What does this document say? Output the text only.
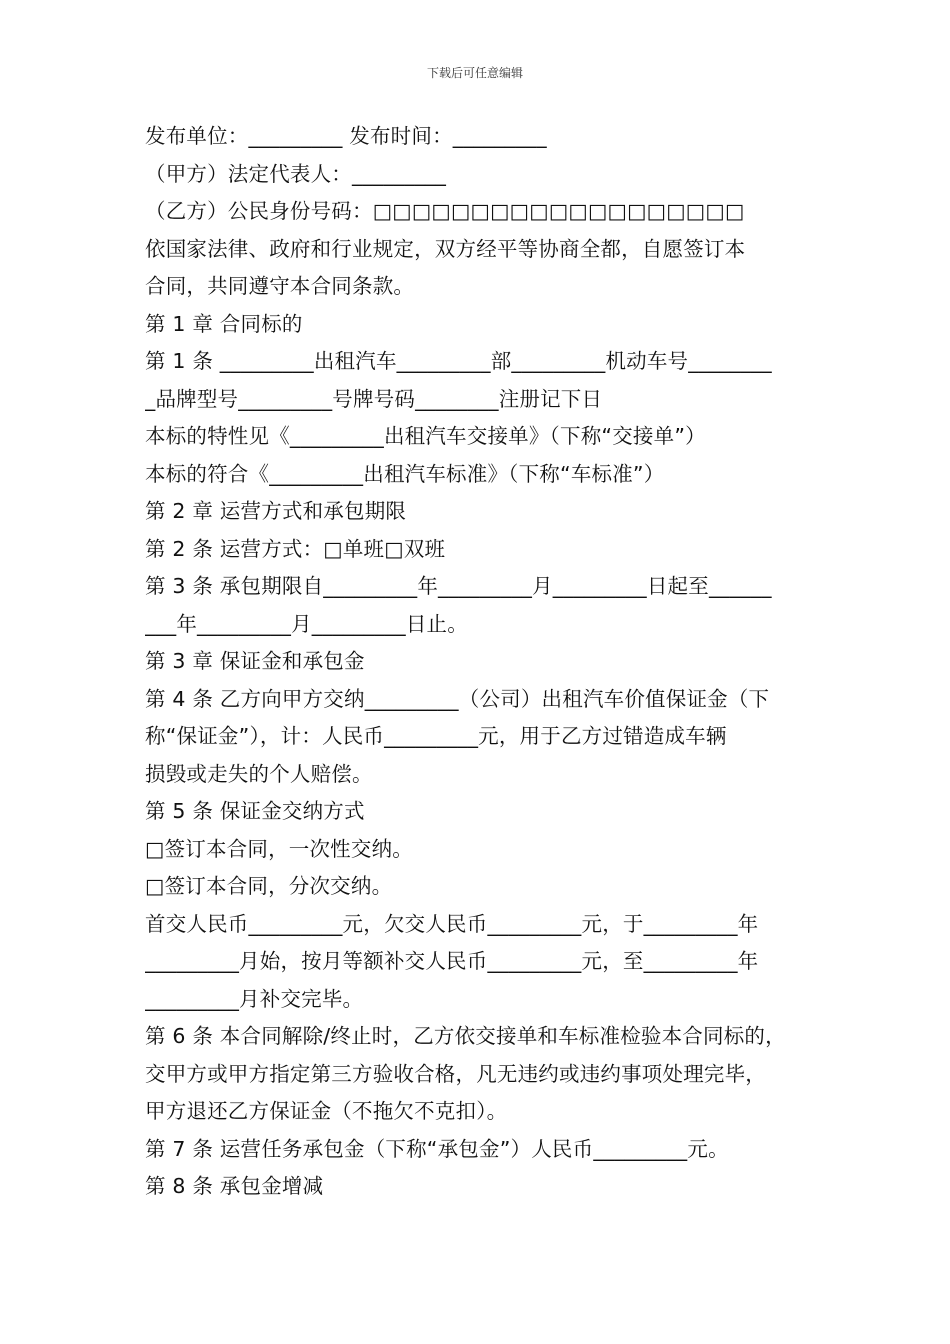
下载后可任意编辑
发布单位：_________ 发布时间：_________
（甲方）法定代表人：_________
（乙方）公民身份号码：□□□□□□□□□□□□□□□□□□□
依国家法律、政府和行业规定，双方经平等协商全都，自愿签订本
合同，共同遵守本合同条款。
第 1 章 合同标的
第 1 条 _________出租汽车_________部_________机动车号________
_品牌型号_________号牌号码________注册记下日
本标的特性见《_________出租汽车交接单》（下称“交接单”）
本标的符合《_________出租汽车标准》（下称“车标准”）
第 2 章 运营方式和承包期限
第 2 条 运营方式：□单班□双班
第 3 条 承包期限自_________年_________月_________日起至______
___年_________月_________日止。
第 3 章 保证金和承包金
第 4 条 乙方向甲方交纳_________（公司）出租汽车价值保证金（下
称“保证金”），计：人民币_________元，用于乙方过错造成车辆
损毁或走失的个人赔偿。
第 5 条 保证金交纳方式
□签订本合同，一次性交纳。
□签订本合同，分次交纳。
首交人民币_________元，欠交人民币_________元，于_________年
_________月始，按月等额补交人民币_________元，至_________年
_________月补交完毕。
第 6 条 本合同解除/终止时，乙方依交接单和车标准检验本合同标的，
交甲方或甲方指定第三方验收合格，凡无违约或违约事项处理完毕，
甲方退还乙方保证金（不拖欠不克扣）。
第 7 条 运营任务承包金（下称“承包金”）人民币_________元。
第 8 条 承包金增减
